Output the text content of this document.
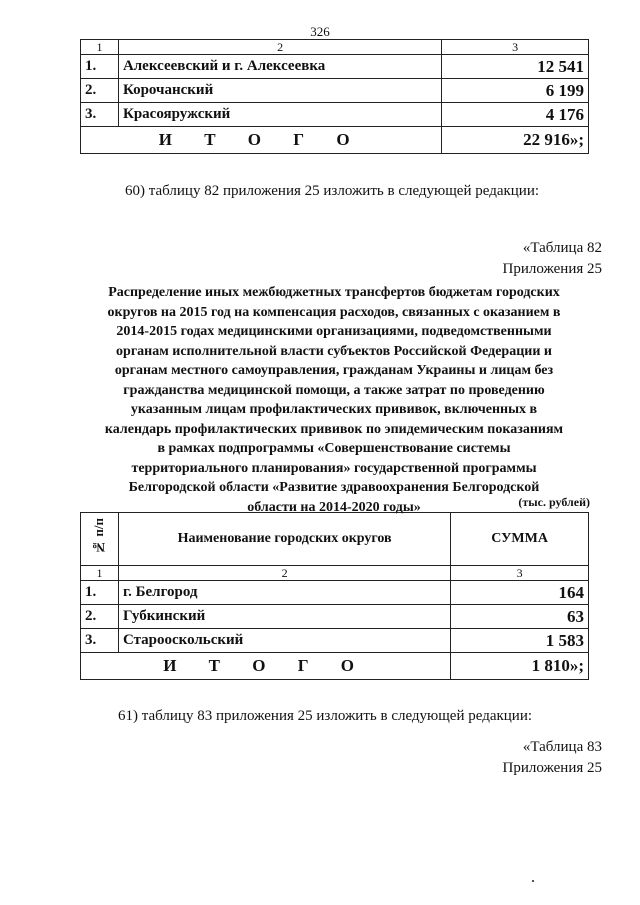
326
1	2	3
1.	Алексеевский и г. Алексеевка	12 541
2.	Корочанский	6 199
3.	Красояружский	4 176
И Т О Г О		22 916»;
60) таблицу 82 приложения 25 изложить в следующей редакции:
«Таблица 82
Приложения 25
Распределение иных межбюджетных трансфертов бюджетам городских
округов на 2015 год на компенсация расходов, связанных с оказанием в
2014-2015 годах медицинскими организациями, подведомственными
органам исполнительной власти субъектов Российской Федерации и
органам местного самоуправления, гражданам Украины и лицам без
гражданства медицинской помощи, а также затрат по проведению
указанным лицам профилактических прививок, включенных в
календарь профилактических прививок по эпидемическим показаниям
в рамках подпрограммы «Совершенствование системы
территориального планирования» государственной программы
Белгородской области «Развитие здравоохранения Белгородской
области на 2014-2020 годы»	(тыс. рублей)
№ п/п	Наименование городских округов	СУММА
1	2	3
1.	г. Белгород	164
2.	Губкинский	63
3.	Старооскольский	1 583
И Т О Г О		1 810»;
61) таблицу 83 приложения 25 изложить в следующей редакции:
«Таблица 83
Приложения 25
